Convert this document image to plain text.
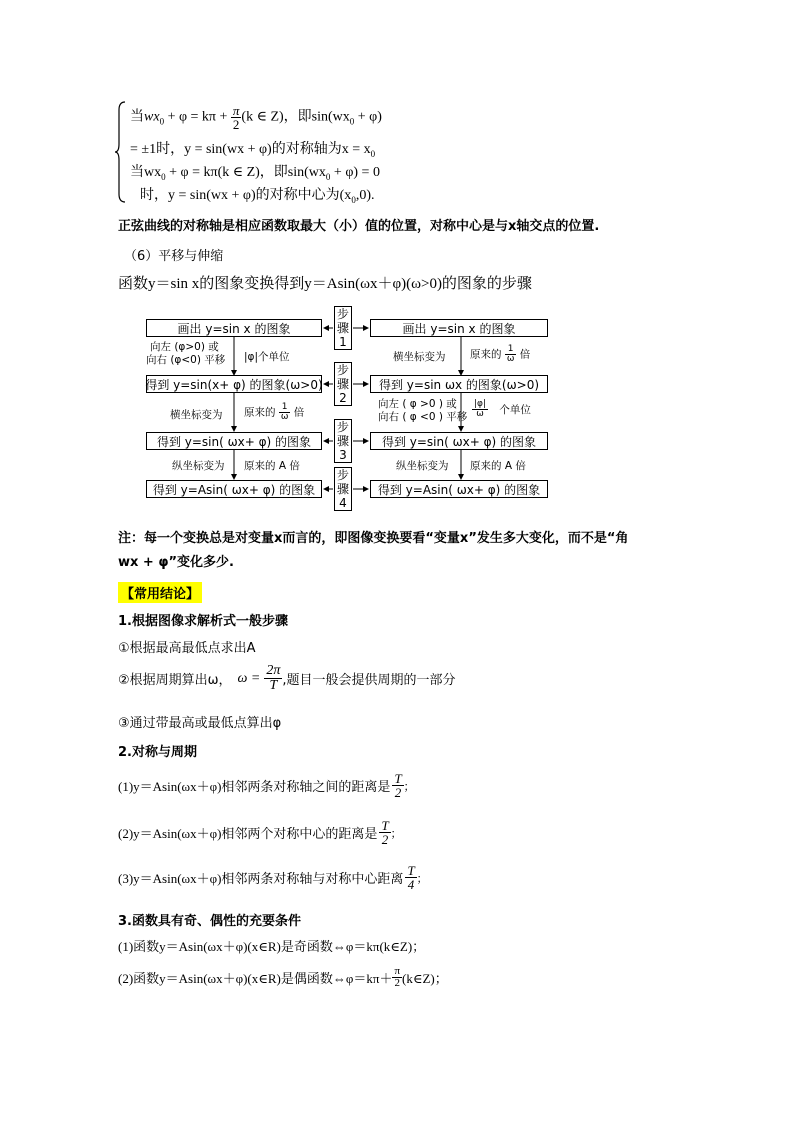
当$wx_0 + \varphi = k\pi + \frac{\pi}{2} (k$ ∈ Z)，即$\sin(wx_0 + \varphi)$
= ±1时，y = sin(wx + φ)的对称轴为$x = x_0$
当$wx_0 + \varphi = k\pi(k$ ∈ Z)，即$\sin(wx_0 + \varphi) = 0$
时，y = sin(wx + φ)的对称中心为$(x_0,0)$.
正弦曲线的对称轴是相应函数取最大（小）值的位置，对称中心是与x轴交点的位置.
（6）平移与伸缩
函数y＝sin x的图象变换得到y＝Asin(ωx＋φ)(ω>0)的图象的步骤
画出 y=sin x 的图象
得到 y=sin(x+ φ) 的图象(ω>0)
得到 y=sin( ωx+ φ) 的图象
得到 y=Asin( ωx+ φ) 的图象
画出 y=sin x 的图象
得到 y=sin ωx 的图象(ω>0)
得到 y=sin( ωx+ φ) 的图象
得到 y=Asin( ωx+ φ) 的图象
步
骤
1
步
骤
2
步
骤
3
步
骤
4
向左 (φ>0) 或
向右 (φ<0) 平移 |φ|个单位
横坐标变为 原来的 $\frac{1}{\omega}$ 倍
纵坐标变为 原来的 A 倍
横坐标变为 原来的 $\frac{1}{\omega}$ 倍
向左 ( φ >0 ) 或
向右 ( φ <0 ) 平移 $\frac{|\varphi|}{\omega}$ 个单位
纵坐标变为 原来的 A 倍
注：每一个变换总是对变量x而言的，即图像变换要看“变量x”发生多大变化，而不是“角
wx + φ”变化多少.
【常用结论】
1.根据图像求解析式一般步骤
①根据最高最低点求出A
②根据周期算出ω， $\omega = \frac{2\pi}{T}$ ,题目一般会提供周期的一部分
③通过带最高或最低点算出φ
2.对称与周期
(1)y＝Asin(ωx＋φ)相邻两条对称轴之间的距离是 $\frac{T}{2}$ ；
(2)y＝Asin(ωx＋φ)相邻两个对称中心的距离是 $\frac{T}{2}$ ；
(3)y＝Asin(ωx＋φ)相邻两条对称轴与对称中心距离 $\frac{T}{4}$ ；
3.函数具有奇、偶性的充要条件
(1)函数y＝Asin(ωx＋φ)(x∈R)是奇函数⇔φ＝kπ(k∈Z)；
(2)函数y＝Asin(ωx＋φ)(x∈R)是偶函数⇔φ＝kπ＋ $\frac{\pi}{2}$ (k∈Z)；
